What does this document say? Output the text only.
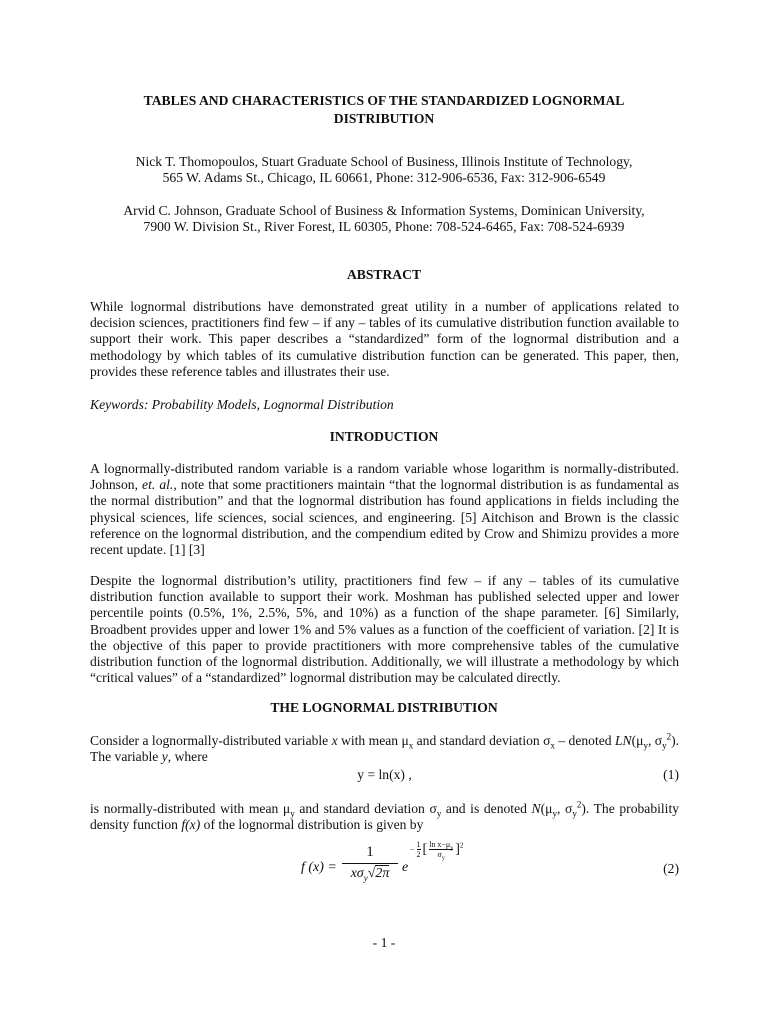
TABLES AND CHARACTERISTICS OF THE STANDARDIZED LOGNORMAL
DISTRIBUTION
Nick T. Thomopoulos, Stuart Graduate School of Business, Illinois Institute of Technology,
565 W. Adams St., Chicago, IL 60661, Phone: 312-906-6536, Fax: 312-906-6549
Arvid C. Johnson, Graduate School of Business & Information Systems, Dominican University,
7900 W. Division St., River Forest, IL 60305, Phone: 708-524-6465, Fax: 708-524-6939
ABSTRACT
While lognormal distributions have demonstrated great utility in a number of applications related to decision sciences, practitioners find few – if any – tables of its cumulative distribution function available to support their work. This paper describes a “standardized” form of the lognormal distribution and a methodology by which tables of its cumulative distribution function can be generated. This paper, then, provides these reference tables and illustrates their use.
Keywords: Probability Models, Lognormal Distribution
INTRODUCTION
A lognormally-distributed random variable is a random variable whose logarithm is normally-distributed. Johnson, et. al., note that some practitioners maintain “that the lognormal distribution is as fundamental as the normal distribution” and that the lognormal distribution has found applications in fields including the physical sciences, life sciences, social sciences, and engineering. [5] Aitchison and Brown is the classic reference on the lognormal distribution, and the compendium edited by Crow and Shimizu provides a more recent update. [1] [3]
Despite the lognormal distribution’s utility, practitioners find few – if any – tables of its cumulative distribution function available to support their work. Moshman has published selected upper and lower percentile points (0.5%, 1%, 2.5%, 5%, and 10%) as a function of the shape parameter. [6] Similarly, Broadbent provides upper and lower 1% and 5% values as a function of the coefficient of variation. [2] It is the objective of this paper to provide practitioners with more comprehensive tables of the cumulative distribution function of the lognormal distribution. Additionally, we will illustrate a methodology by which “critical values” of a “standardized” lognormal distribution may be calculated directly.
THE LOGNORMAL DISTRIBUTION
Consider a lognormally-distributed variable x with mean $\mu_x$ and standard deviation $\sigma_x$ – denoted $LN(\mu_y$, $\sigma_y^2$). The variable y, where
y = ln(x) ,	(1)
is normally-distributed with mean $\mu_y$ and standard deviation $\sigma_y$ and is denoted $N(\mu_y$, $\sigma_y^2$). The probability density function f(x) of the lognormal distribution is given by
f (x) =
1
$x\sigma_y√2\pi$ e
− $\frac{1}{2}$ [ $\frac{\ln x-\mu_y}{\sigma_y} ]^2$
(2)
- 1 -
